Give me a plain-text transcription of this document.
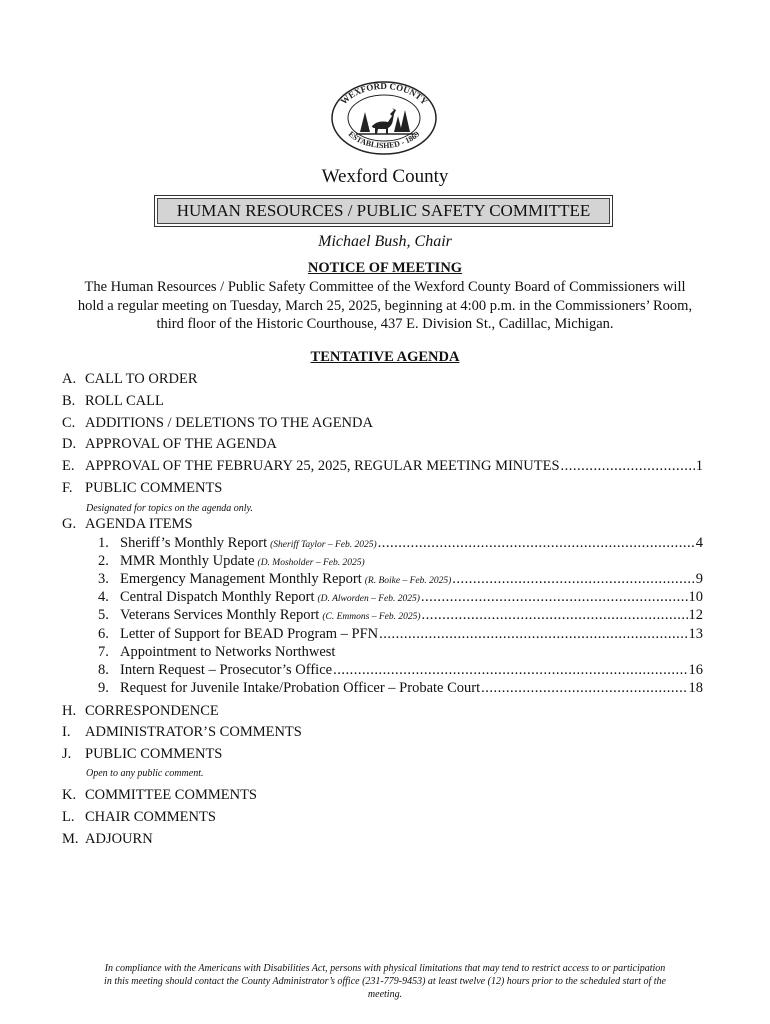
WEXFORD COUNTY
ESTABLISHED - 1869
Wexford County
HUMAN RESOURCES / PUBLIC SAFETY COMMITTEE
Michael Bush, Chair
NOTICE OF MEETING
The Human Resources / Public Safety Committee of the Wexford County Board of Commissioners will
hold a regular meeting on Tuesday, March 25, 2025, beginning at 4:00 p.m. in the Commissioners’ Room,
third floor of the Historic Courthouse, 437 E. Division St., Cadillac, Michigan.
TENTATIVE AGENDA
A. CALL TO ORDER
B. ROLL CALL
C. ADDITIONS / DELETIONS TO THE AGENDA
D. APPROVAL OF THE AGENDA
E. APPROVAL OF THE FEBRUARY 25, 2025, REGULAR MEETING MINUTES .....	1
F. PUBLIC COMMENTS
Designated for topics on the agenda only.
G. AGENDA ITEMS
1. Sheriff’s Monthly Report (Sheriff Taylor – Feb. 2025) .....	4
2. MMR Monthly Update (D. Mosholder – Feb. 2025)
3. Emergency Management Monthly Report (R. Boike – Feb. 2025) .....	9
4. Central Dispatch Monthly Report (D. Alworden – Feb. 2025) .....	10
5. Veterans Services Monthly Report (C. Emmons – Feb. 2025) .....	12
6. Letter of Support for BEAD Program – PFN .....	13
7. Appointment to Networks Northwest
8. Intern Request – Prosecutor’s Office .....	16
9. Request for Juvenile Intake/Probation Officer – Probate Court .....	18
H. CORRESPONDENCE
I. ADMINISTRATOR’S COMMENTS
J. PUBLIC COMMENTS
Open to any public comment.
K. COMMITTEE COMMENTS
L. CHAIR COMMENTS
M. ADJOURN
In compliance with the Americans with Disabilities Act, persons with physical limitations that may tend to restrict access to or participation
in this meeting should contact the County Administrator’s office (231-779-9453) at least twelve (12) hours prior to the scheduled start of the
meeting.
